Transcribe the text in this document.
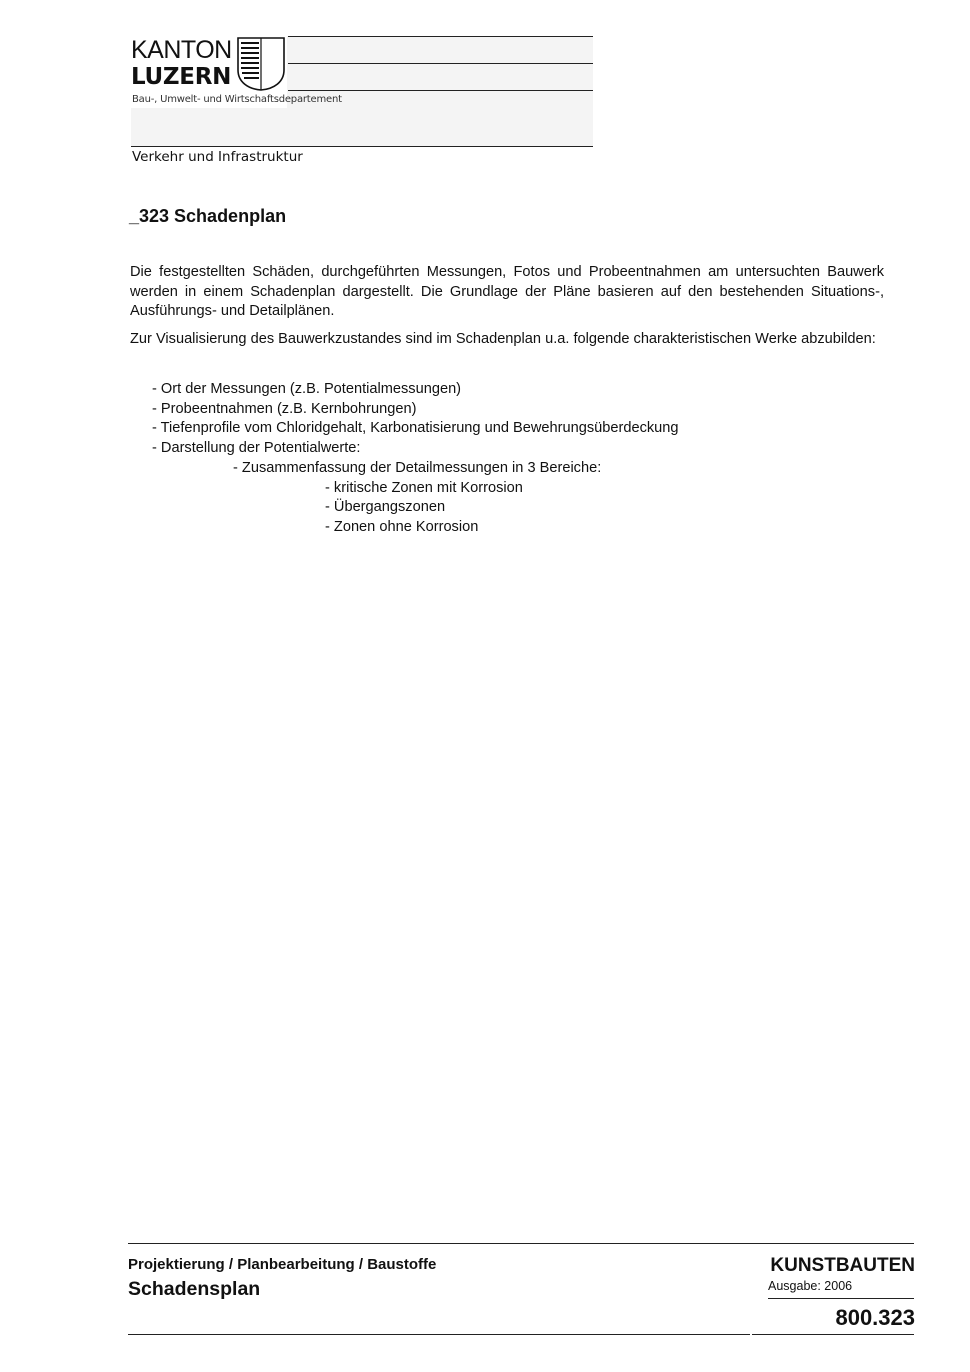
KANTON
LUZERN
Bau-, Umwelt- und Wirtschaftsdepartement
Verkehr und Infrastruktur
_323 Schadenplan

Die festgestellten Schäden, durchgeführten Messungen, Fotos und Probeentnahmen am untersuchten Bauwerk werden in einem Schadenplan dargestellt. Die Grundlage der Pläne basieren auf den bestehenden Situations-, Ausführungs- und Detailplänen.

Zur Visualisierung des Bauwerkzustandes sind im Schadenplan u.a. folgende charakteristischen Werke abzubilden:

- Ort der Messungen (z.B. Potentialmessungen)
- Probeentnahmen (z.B. Kernbohrungen)
- Tiefenprofile vom Chloridgehalt, Karbonatisierung und Bewehrungsüberdeckung
- Darstellung der Potentialwerte:
- Zusammenfassung der Detailmessungen in 3 Bereiche:
- kritische Zonen mit Korrosion
- Übergangszonen
- Zonen ohne Korrosion
Projektierung / Planbearbeitung / Baustoffe
Schadensplan
KUNSTBAUTEN
Ausgabe: 2006
800.323
